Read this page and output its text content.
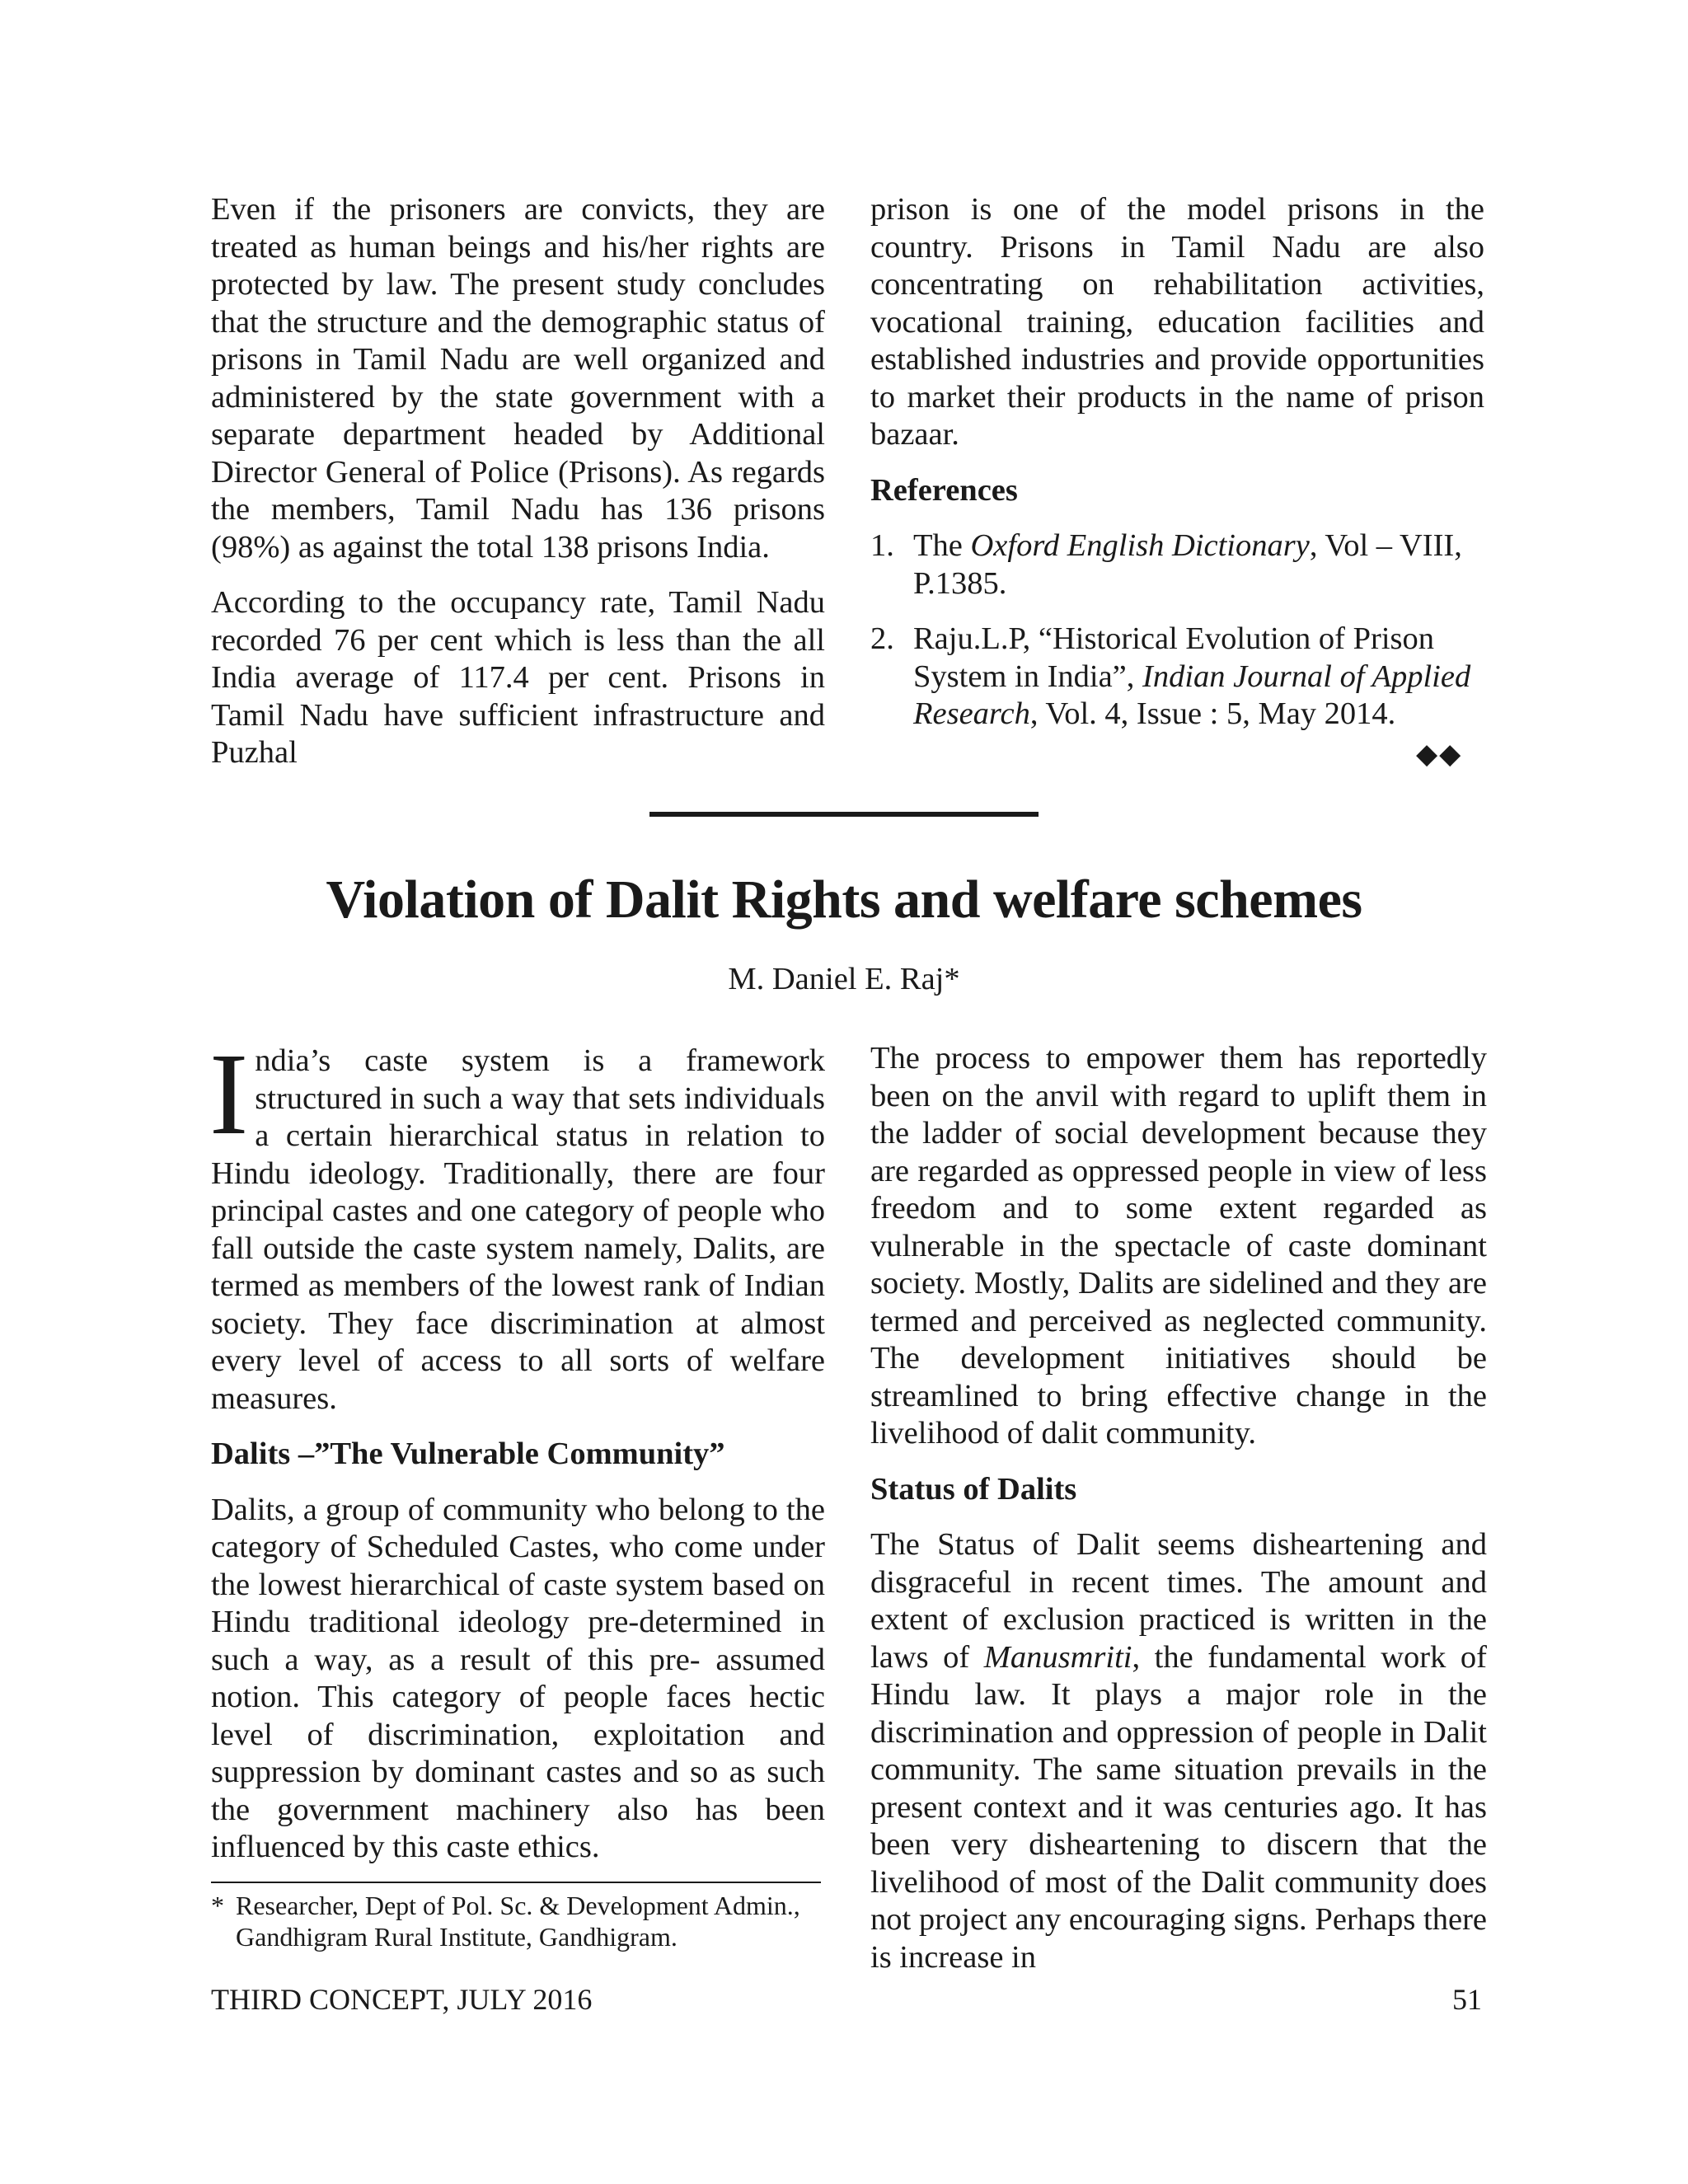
Even if the prisoners are convicts, they are treated as human beings and his/her rights are protected by law. The present study concludes that the structure and the demographic status of prisons in Tamil Nadu are well organized and administered by the state government with a separate department headed by Additional Director General of Police (Prisons). As regards the members, Tamil Nadu has 136 prisons (98%) as against the total 138 prisons India.

According to the occupancy rate, Tamil Nadu recorded 76 per cent which is less than the all India average of 117.4 per cent. Prisons in Tamil Nadu have sufficient infrastructure and Puzhal

prison is one of the model prisons in the country. Prisons in Tamil Nadu are also concentrating on rehabilitation activities, vocational training, education facilities and established industries and provide opportunities to market their products in the name of prison bazaar.

References
1. The Oxford English Dictionary, Vol – VIII, P.1385.
2. Raju.L.P, “Historical Evolution of Prison System in India”, Indian Journal of Applied Research, Vol. 4, Issue : 5, May 2014.
◆◆
Violation of Dalit Rights and welfare schemes
M. Daniel E. Raj*

India’s caste system is a framework structured in such a way that sets individuals a certain hierarchical status in relation to Hindu ideology. Traditionally, there are four principal castes and one category of people who fall outside the caste system namely, Dalits, are termed as members of the lowest rank of Indian society. They face discrimination at almost every level of access to all sorts of welfare measures.

Dalits –”The Vulnerable Community”

Dalits, a group of community who belong to the category of Scheduled Castes, who come under the lowest hierarchical of caste system based on Hindu traditional ideology pre-determined in such a way, as a result of this pre- assumed notion. This category of people faces hectic level of discrimination, exploitation and suppression by dominant castes and so as such the government machinery also has been influenced by this caste ethics.

The process to empower them has reportedly been on the anvil with regard to uplift them in the ladder of social development because they are regarded as oppressed people in view of less freedom and to some extent regarded as vulnerable in the spectacle of caste dominant society. Mostly, Dalits are sidelined and they are termed and perceived as neglected community. The development initiatives should be streamlined to bring effective change in the livelihood of dalit community.

Status of Dalits

The Status of Dalit seems disheartening and disgraceful in recent times. The amount and extent of exclusion practiced is written in the laws of Manusmriti, the fundamental work of Hindu law. It plays a major role in the discrimination and oppression of people in Dalit community. The same situation prevails in the present context and it was centuries ago. It has been very disheartening to discern that the livelihood of most of the Dalit community does not project any encouraging signs. Perhaps there is increase in

* Researcher, Dept of Pol. Sc. & Development Admin., Gandhigram Rural Institute, Gandhigram.
THIRD CONCEPT, JULY 2016	51
